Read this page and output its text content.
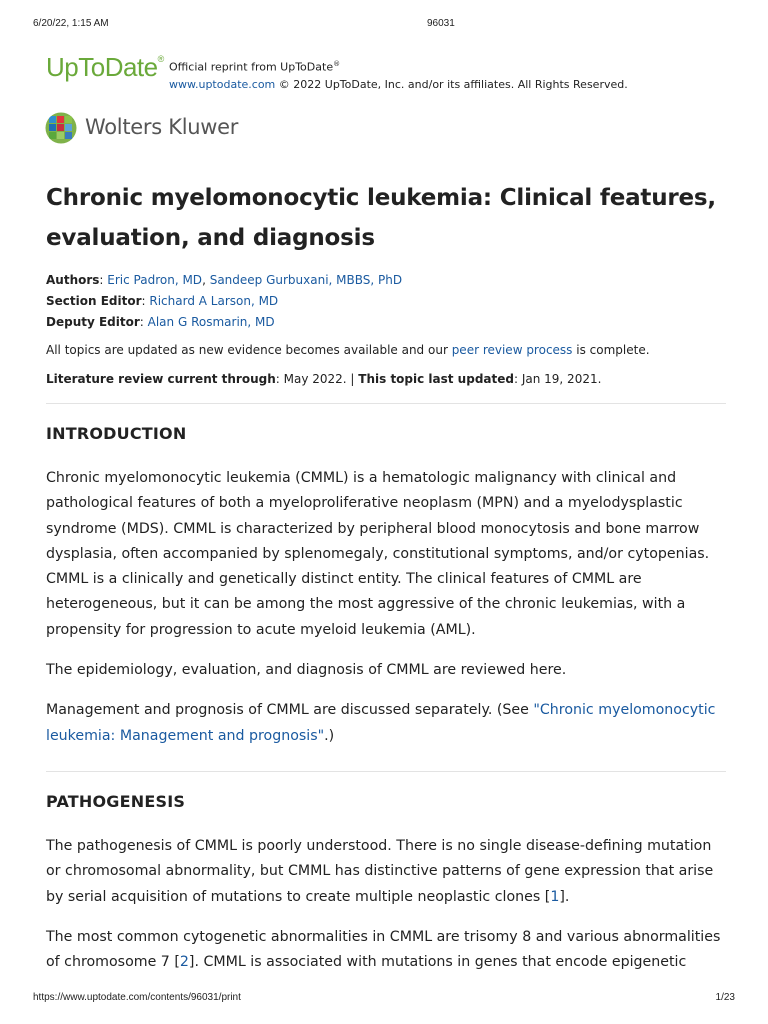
6/20/22, 1:15 AM	96031
UpToDate®
Official reprint from UpToDate®
www.uptodate.com © 2022 UpToDate, Inc. and/or its affiliates. All Rights Reserved.
Wolters Kluwer
Chronic myelomonocytic leukemia: Clinical features, evaluation, and diagnosis
Authors: Eric Padron, MD, Sandeep Gurbuxani, MBBS, PhD
Section Editor: Richard A Larson, MD
Deputy Editor: Alan G Rosmarin, MD
All topics are updated as new evidence becomes available and our peer review process is complete.
Literature review current through: May 2022. | This topic last updated: Jan 19, 2021.
INTRODUCTION

Chronic myelomonocytic leukemia (CMML) is a hematologic malignancy with clinical and pathological features of both a myeloproliferative neoplasm (MPN) and a myelodysplastic syndrome (MDS). CMML is characterized by peripheral blood monocytosis and bone marrow dysplasia, often accompanied by splenomegaly, constitutional symptoms, and/or cytopenias. CMML is a clinically and genetically distinct entity. The clinical features of CMML are heterogeneous, but it can be among the most aggressive of the chronic leukemias, with a propensity for progression to acute myeloid leukemia (AML).

The epidemiology, evaluation, and diagnosis of CMML are reviewed here.

Management and prognosis of CMML are discussed separately. (See "Chronic myelomonocytic leukemia: Management and prognosis".)

PATHOGENESIS

The pathogenesis of CMML is poorly understood. There is no single disease-defining mutation or chromosomal abnormality, but CMML has distinctive patterns of gene expression that arise by serial acquisition of mutations to create multiple neoplastic clones [1].

The most common cytogenetic abnormalities in CMML are trisomy 8 and various abnormalities of chromosome 7 [2]. CMML is associated with mutations in genes that encode epigenetic

https://www.uptodate.com/contents/96031/print	1/23
